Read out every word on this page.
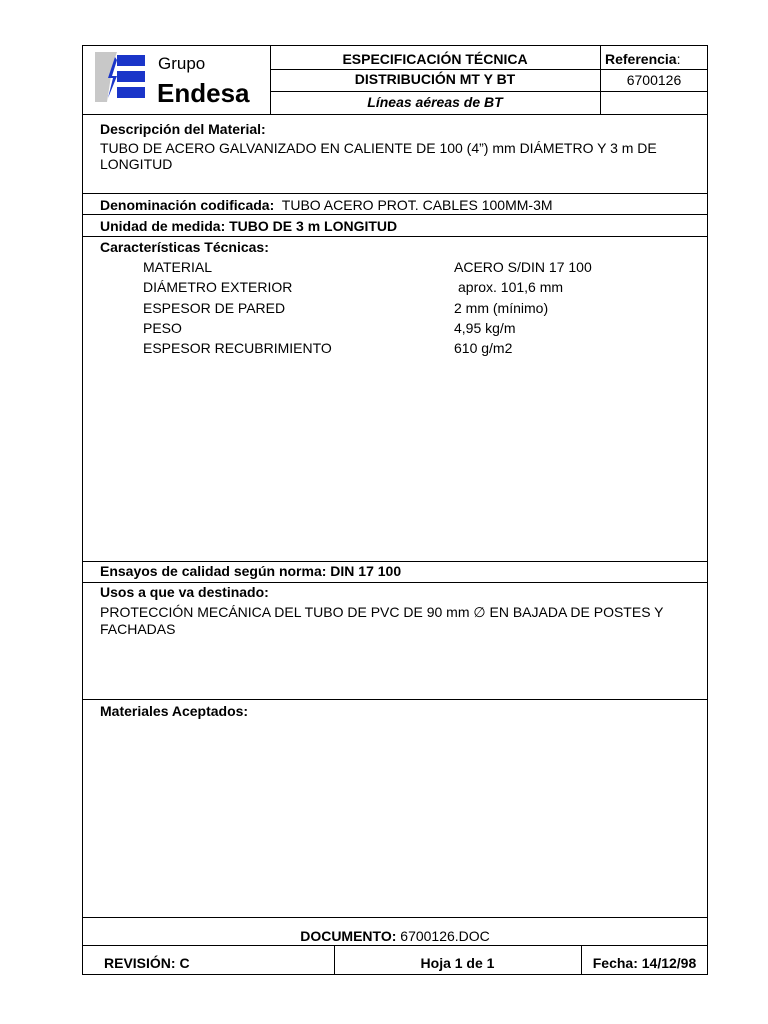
Grupo
Endesa
ESPECIFICACIÓN TÉCNICA
DISTRIBUCIÓN MT Y BT
Líneas aéreas de BT
Referencia:
6700126
Descripción del Material:
TUBO DE ACERO GALVANIZADO EN CALIENTE DE 100 (4”) mm DIÁMETRO Y 3 m DE
LONGITUD
Denominación codificada: TUBO ACERO PROT. CABLES 100MM-3M
Unidad de medida: TUBO DE 3 m LONGITUD
Características Técnicas:
MATERIAL	ACERO S/DIN 17 100
DIÁMETRO EXTERIOR	aprox. 101,6 mm
ESPESOR DE PARED	2 mm (mínimo)
PESO	4,95 kg/m
ESPESOR RECUBRIMIENTO	610 g/m2
Ensayos de calidad según norma: DIN 17 100
Usos a que va destinado:
PROTECCIÓN MECÁNICA DEL TUBO DE PVC DE 90 mm ∅ EN BAJADA DE POSTES Y
FACHADAS
Materiales Aceptados:
DOCUMENTO: 6700126.DOC
REVISIÓN: C	Hoja 1 de 1	Fecha: 14/12/98
